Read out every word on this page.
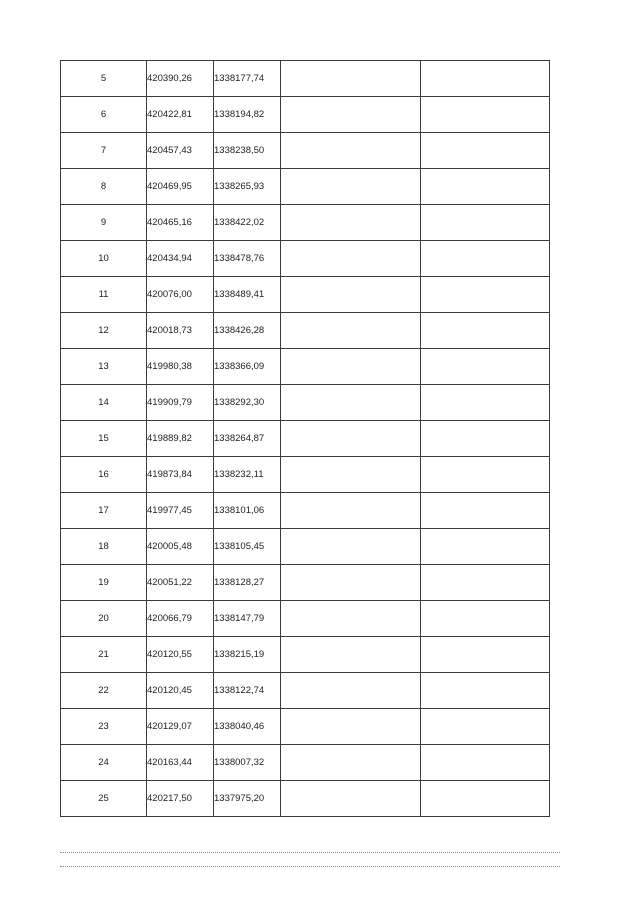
5	420390,26	1338177,74		
6	420422,81	1338194,82		
7	420457,43	1338238,50		
8	420469,95	1338265,93		
9	420465,16	1338422,02		
10	420434,94	1338478,76		
11	420076,00	1338489,41		
12	420018,73	1338426,28		
13	419980,38	1338366,09		
14	419909,79	1338292,30		
15	419889,82	1338264,87		
16	419873,84	1338232,11		
17	419977,45	1338101,06		
18	420005,48	1338105,45		
19	420051,22	1338128,27		
20	420066,79	1338147,79		
21	420120,55	1338215,19		
22	420120,45	1338122,74		
23	420129,07	1338040,46		
24	420163,44	1338007,32		
25	420217,50	1337975,20		
